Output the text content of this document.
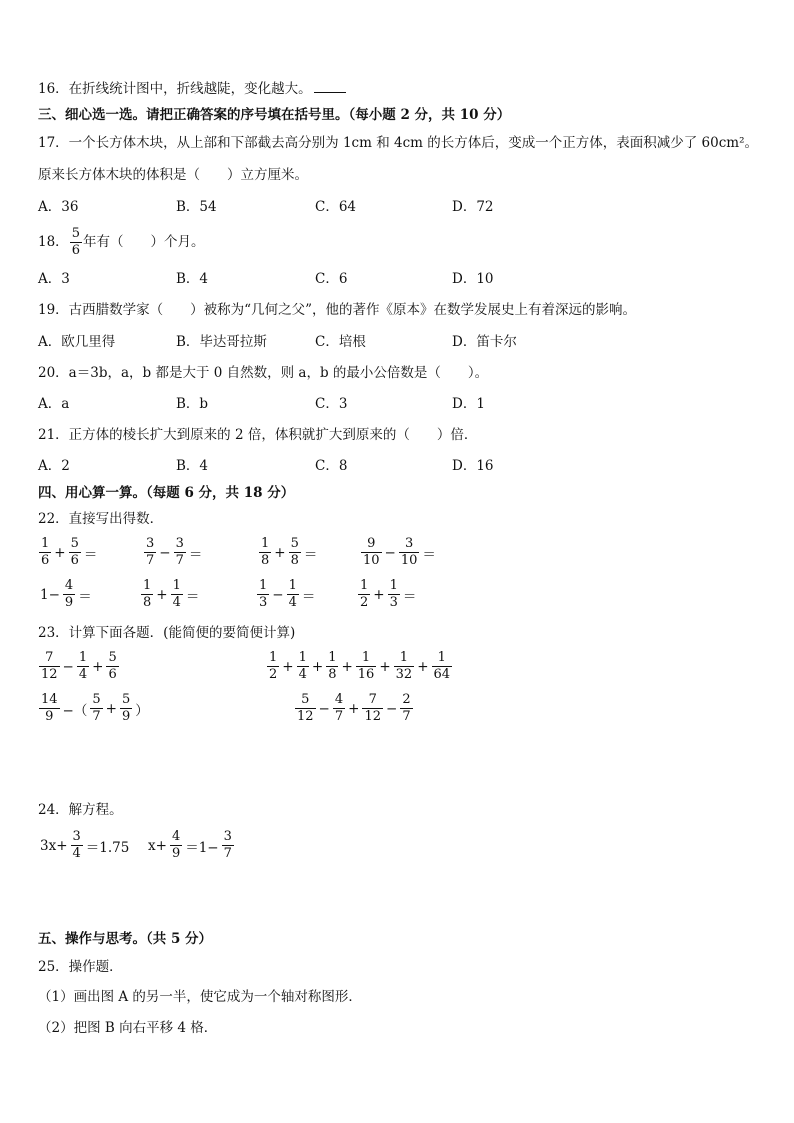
16．在折线统计图中，折线越陡，变化越大。
三、细心选一选。请把正确答案的序号填在括号里。（每小题 2 分，共 10 分）
17．一个长方体木块，从上部和下部截去高分别为 1cm 和 4cm 的长方体后，变成一个正方体，表面积减少了 60cm²。
原来长方体木块的体积是（　　）立方厘米。
A．36	B．54	C．64	D．72
18． $\frac{5}{6}$ 年有（　　）个月。
A．3	B．4	C．6	D．10
19．古西腊数学家（　　）被称为“几何之父”，他的著作《原本》在数学发展史上有着深远的影响。
A．欧几里得	B．毕达哥拉斯	C．培根	D．笛卡尔
20．a＝3b，a，b 都是大于 0 自然数，则 a，b 的最小公倍数是（　　）。
A．a	B．b	C．3	D．1
21．正方体的棱长扩大到原来的 2 倍，体积就扩大到原来的（　　）倍．
A．2	B．4	C．8	D．16
四、用心算一算。（每题 6 分，共 18 分）
22．直接写出得数．
$\frac{1}{6} + \frac{5}{6}$ ＝	$\frac{3}{7} - \frac{3}{7}$ ＝	$\frac{1}{8} + \frac{5}{8}$ ＝	$\frac{9}{10} - \frac{3}{10}$ ＝
$1- \frac{4}{9}$ ＝	$\frac{1}{8} + \frac{1}{4}$ ＝	$\frac{1}{3} - \frac{1}{4}$ ＝	$\frac{1}{2} + \frac{1}{3}$ ＝
23．计算下面各题．(能简便的要简便计算)
$\frac{7}{12} - \frac{1}{4} + \frac{5}{6}$	$\frac{1}{2} + \frac{1}{4} + \frac{1}{8} + \frac{1}{16} + \frac{1}{32} + \frac{1}{64}$
$\frac{14}{9}$ −（ $\frac{5}{7} + \frac{5}{9}$ ）	$\frac{5}{12} - \frac{4}{7} + \frac{7}{12} - \frac{2}{7}$
24．解方程。
$3x+ \frac{3}{4} =1.75$ $x+ \frac{4}{9} =1- \frac{3}{7}$
五、操作与思考。（共 5 分）
25．操作题．
（1）画出图 A 的另一半，使它成为一个轴对称图形．
（2）把图 B 向右平移 4 格．
